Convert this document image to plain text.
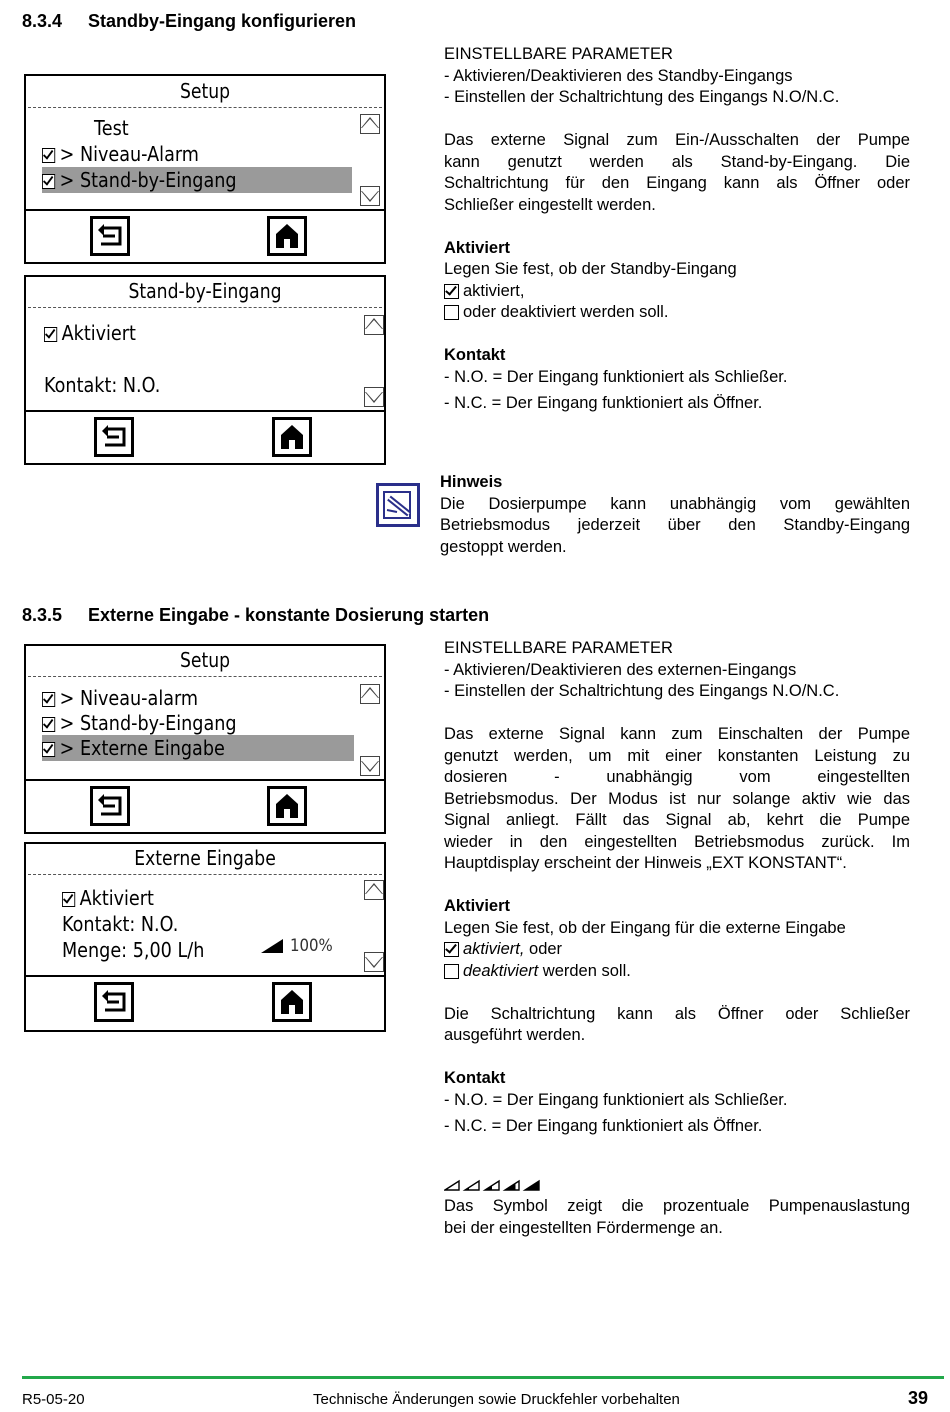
8.3.4 Standby-Eingang konfigurieren
Setup
Test
> Niveau-Alarm
> Stand-by-Eingang
Stand-by-Eingang
Aktiviert
Kontakt: N.O.
EINSTELLBARE PARAMETER
- Aktivieren/Deaktivieren des Standby-Eingangs
- Einstellen der Schaltrichtung des Eingangs N.O/N.C.
Das externe Signal zum Ein-/Ausschalten der Pumpe
kann genutzt werden als Stand-by-Eingang. Die
Schaltrichtung für den Eingang kann als Öffner oder
Schließer eingestellt werden.
Aktiviert
Legen Sie fest, ob der Standby-Eingang
aktiviert,
oder deaktiviert werden soll.
Kontakt
- N.O. = Der Eingang funktioniert als Schließer.
- N.C. = Der Eingang funktioniert als Öffner.
Hinweis
Die Dosierpumpe kann unabhängig vom gewählten
Betriebsmodus jederzeit über den Standby-Eingang
gestoppt werden.
8.3.5 Externe Eingabe - konstante Dosierung starten
Setup
> Niveau-alarm
> Stand-by-Eingang
> Externe Eingabe
Externe Eingabe
Aktiviert
Kontakt: N.O.
Menge: 5,00 L/h	100%
EINSTELLBARE PARAMETER
- Aktivieren/Deaktivieren des externen-Eingangs
- Einstellen der Schaltrichtung des Eingangs N.O/N.C.
Das externe Signal kann zum Einschalten der Pumpe
genutzt werden, um mit einer konstanten Leistung zu
dosieren - unabhängig vom eingestellten
Betriebsmodus. Der Modus ist nur solange aktiv wie das
Signal anliegt. Fällt das Signal ab, kehrt die Pumpe
wieder in den eingestellten Betriebsmodus zurück. Im
Hauptdisplay erscheint der Hinweis „EXT KONSTANT“.
Aktiviert
Legen Sie fest, ob der Eingang für die externe Eingabe
aktiviert, oder
deaktiviert werden soll.
Die Schaltrichtung kann als Öffner oder Schließer
ausgeführt werden.
Kontakt
- N.O. = Der Eingang funktioniert als Schließer.
- N.C. = Der Eingang funktioniert als Öffner.
Das Symbol zeigt die prozentuale Pumpenauslastung
bei der eingestellten Fördermenge an.
R5-05-20	Technische Änderungen sowie Druckfehler vorbehalten	39
